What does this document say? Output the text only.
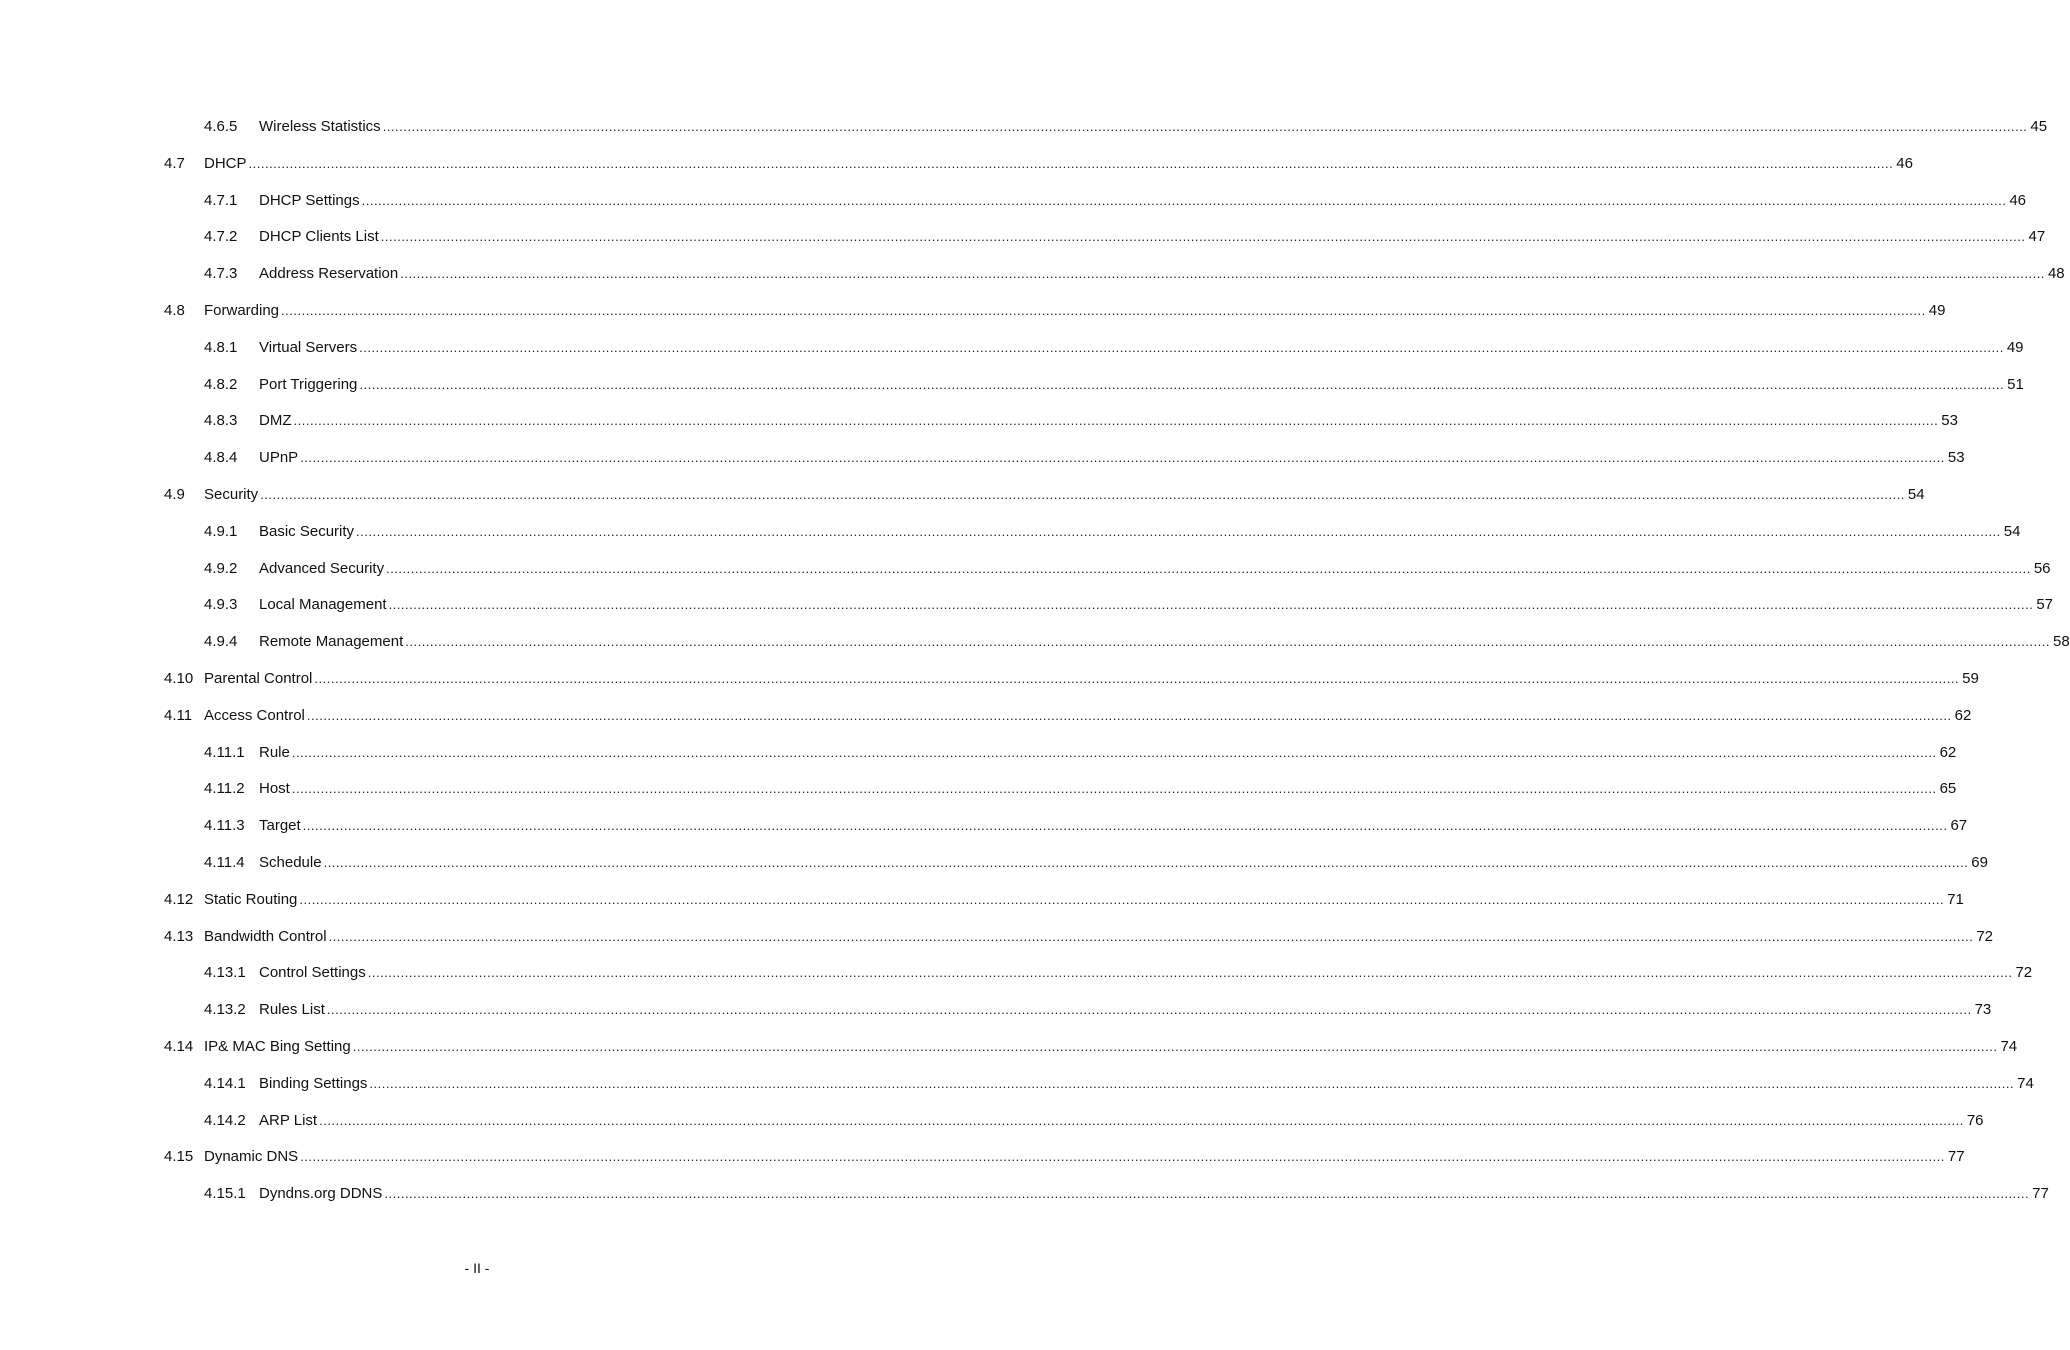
4.6.5 Wireless Statistics ................................................................................................................................................................................................................................................................................................................................................................................................................ 45
4.7 DHCP ................................................................................................................................................................................................................................................................................................................................................................................................................ 46
4.7.1 DHCP Settings ................................................................................................................................................................................................................................................................................................................................................................................................................ 46
4.7.2 DHCP Clients List ................................................................................................................................................................................................................................................................................................................................................................................................................ 47
4.7.3 Address Reservation ................................................................................................................................................................................................................................................................................................................................................................................................................ 48
4.8 Forwarding ................................................................................................................................................................................................................................................................................................................................................................................................................ 49
4.8.1 Virtual Servers ................................................................................................................................................................................................................................................................................................................................................................................................................ 49
4.8.2 Port Triggering ................................................................................................................................................................................................................................................................................................................................................................................................................ 51
4.8.3 DMZ ................................................................................................................................................................................................................................................................................................................................................................................................................ 53
4.8.4 UPnP ................................................................................................................................................................................................................................................................................................................................................................................................................ 53
4.9 Security ................................................................................................................................................................................................................................................................................................................................................................................................................ 54
4.9.1 Basic Security ................................................................................................................................................................................................................................................................................................................................................................................................................ 54
4.9.2 Advanced Security ................................................................................................................................................................................................................................................................................................................................................................................................................ 56
4.9.3 Local Management ................................................................................................................................................................................................................................................................................................................................................................................................................ 57
4.9.4 Remote Management ................................................................................................................................................................................................................................................................................................................................................................................................................ 58
4.10 Parental Control ................................................................................................................................................................................................................................................................................................................................................................................................................ 59
4.11 Access Control ................................................................................................................................................................................................................................................................................................................................................................................................................ 62
4.11.1 Rule ................................................................................................................................................................................................................................................................................................................................................................................................................ 62
4.11.2 Host ................................................................................................................................................................................................................................................................................................................................................................................................................ 65
4.11.3 Target ................................................................................................................................................................................................................................................................................................................................................................................................................ 67
4.11.4 Schedule ................................................................................................................................................................................................................................................................................................................................................................................................................ 69
4.12 Static Routing ................................................................................................................................................................................................................................................................................................................................................................................................................ 71
4.13 Bandwidth Control ................................................................................................................................................................................................................................................................................................................................................................................................................ 72
4.13.1 Control Settings ................................................................................................................................................................................................................................................................................................................................................................................................................ 72
4.13.2 Rules List ................................................................................................................................................................................................................................................................................................................................................................................................................ 73
4.14 IP& MAC Bing Setting ................................................................................................................................................................................................................................................................................................................................................................................................................ 74
4.14.1 Binding Settings ................................................................................................................................................................................................................................................................................................................................................................................................................ 74
4.14.2 ARP List ................................................................................................................................................................................................................................................................................................................................................................................................................ 76
4.15 Dynamic DNS ................................................................................................................................................................................................................................................................................................................................................................................................................ 77
4.15.1 Dyndns.org DDNS ................................................................................................................................................................................................................................................................................................................................................................................................................ 77
- II -
